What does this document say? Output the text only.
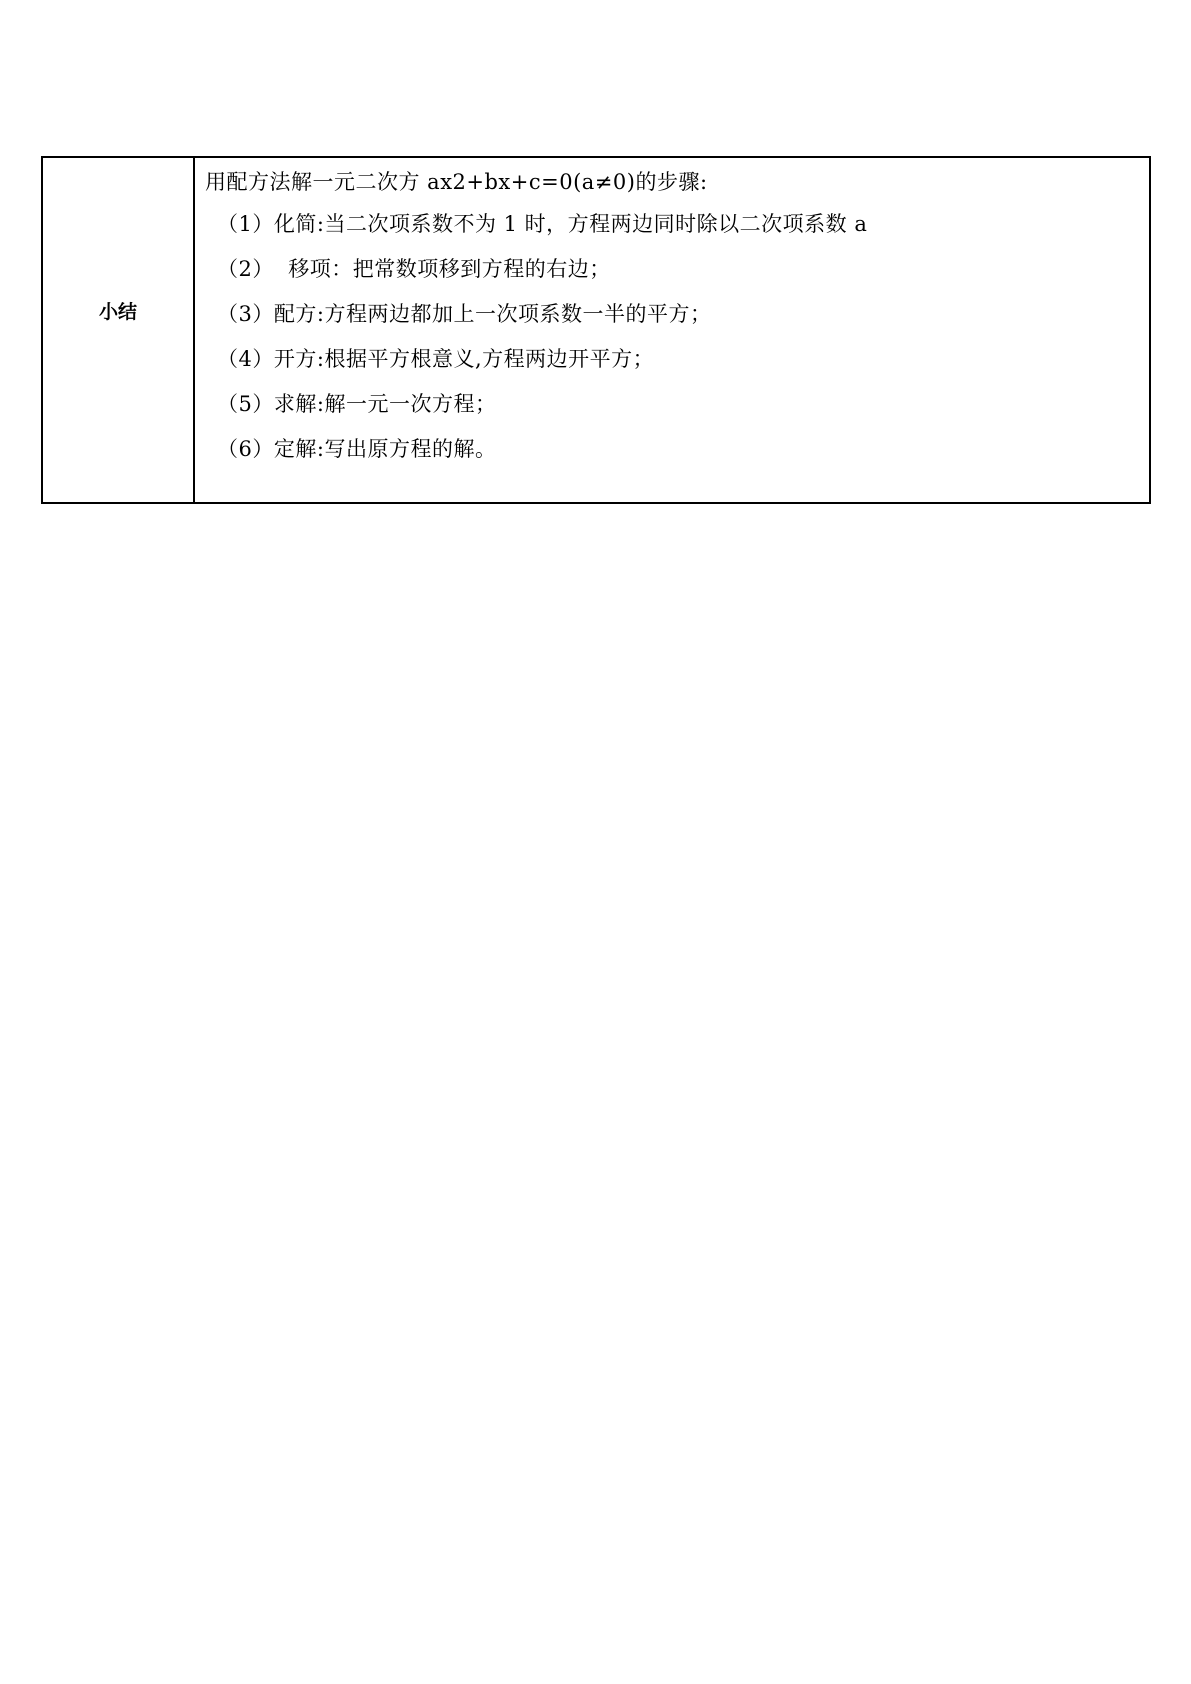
小结	
用配方法解一元二次方 ax2+bx+c=0(a≠0)的步骤:
（1）化简:当二次项系数不为 1 时，方程两边同时除以二次项系数 a
（2）  移项：把常数项移到方程的右边；
（3）配方:方程两边都加上一次项系数一半的平方；
（4）开方:根据平方根意义,方程两边开平方；
（5）求解:解一元一次方程；
（6）定解:写出原方程的解。
